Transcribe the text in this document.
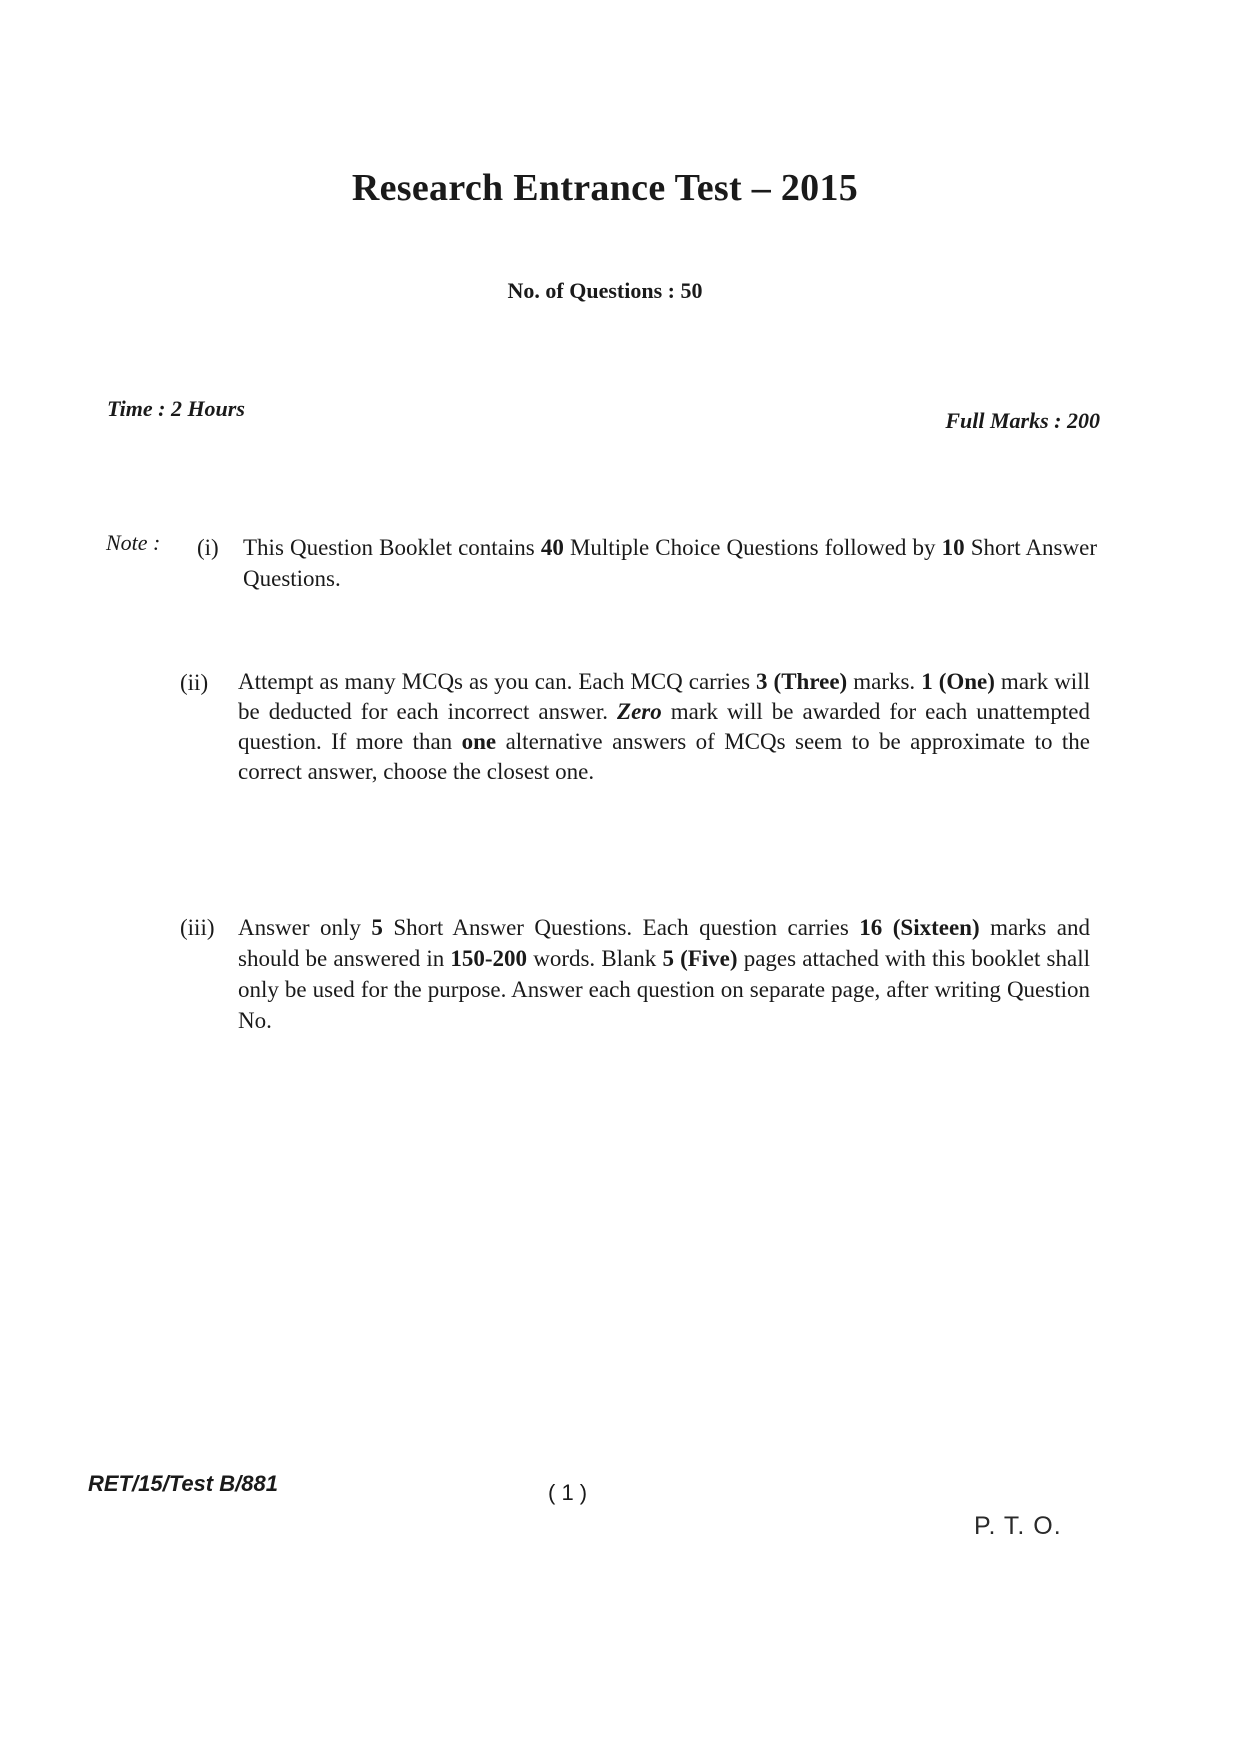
Research Entrance Test – 2015
No. of Questions : 50
Time : 2 Hours	Full Marks : 200
Note : (i) This Question Booklet contains 40 Multiple Choice Questions followed by 10 Short Answer Questions.
(ii) Attempt as many MCQs as you can. Each MCQ carries 3 (Three) marks. 1 (One) mark will be deducted for each incorrect answer. Zero mark will be awarded for each unattempted question. If more than one alternative answers of MCQs seem to be approximate to the correct answer, choose the closest one.
(iii) Answer only 5 Short Answer Questions. Each question carries 16 (Sixteen) marks and should be answered in 150-200 words. Blank 5 (Five) pages attached with this booklet shall only be used for the purpose. Answer each question on separate page, after writing Question No.
RET/15/Test B/881	( 1 )
P. T. O.
